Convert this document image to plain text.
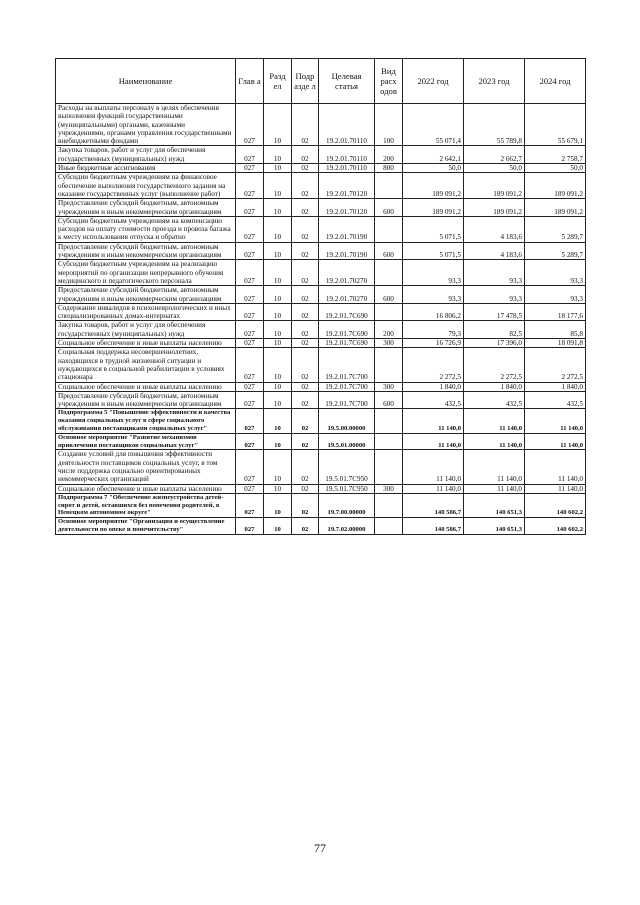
Наименование	Глав а	Разд ел	Подр азде л	Целевая статья	Вид расх одов	2022 год	2023 год	2024 год
Расходы на выплаты персоналу в целях обеспечения выполнения функций государственными (муниципальными) органами, казенными учреждениями, органами управления государственными внебюджетными фондами	027	10	02	19.2.01.70110	100	55 071,4	55 789,8	55 679,1
Закупка товаров, работ и услуг для обеспечения государственных (муниципальных) нужд	027	10	02	19.2.01.70110	200	2 642,1	2 662,7	2 758,7
Иные бюджетные ассигнования	027	10	02	19.2.01.70110	800	50,0	50,0	50,0
Субсидии бюджетным учреждениям на финансовое обеспечение выполнения государственного задания на оказание государственных услуг (выполнение работ)	027	10	02	19.2.01.70120		189 091,2	189 091,2	189 091,2
Предоставление субсидий бюджетным, автономным учреждениям и иным некоммерческим организациям	027	10	02	19.2.01.70120	600	189 091,2	189 091,2	189 091,2
Субсидии бюджетным учреждениям на компенсацию расходов на оплату стоимости проезда и провоза багажа к месту использования отпуска и обратно	027	10	02	19.2.01.70190		5 071,5	4 183,6	5 289,7
Предоставление субсидий бюджетным, автономным учреждениям и иным некоммерческим организациям	027	10	02	19.2.01.70190	600	5 071,5	4 183,6	5 289,7
Субсидии бюджетным учреждениям на реализацию мероприятий по организации непрерывного обучения медицинского и педагогического персонала	027	10	02	19.2.01.70270		93,3	93,3	93,3
Предоставление субсидий бюджетным, автономным учреждениям и иным некоммерческим организациям	027	10	02	19.2.01.70270	600	93,3	93,3	93,3
Содержание инвалидов в психоневрологических и иных специализированных домах-интернатах	027	10	02	19.2.01.7С690		16 806,2	17 478,5	18 177,6
Закупка товаров, работ и услуг для обеспечения государственных (муниципальных) нужд	027	10	02	19.2.01.7С690	200	79,3	82,5	85,8
Социальное обеспечение и иные выплаты населению	027	10	02	19.2.01.7С690	300	16 726,9	17 396,0	18 091,8
Социальная поддержка несовершеннолетних, находящихся в трудной жизненной ситуации и нуждающихся в социальной реабилитации в условиях стационара	027	10	02	19.2.01.7С700		2 272,5	2 272,5	2 272,5
Социальное обеспечение и иные выплаты населению	027	10	02	19.2.01.7С700	300	1 840,0	1 840,0	1 840,0
Предоставление субсидий бюджетным, автономным учреждениям и иным некоммерческим организациям	027	10	02	19.2.01.7С700	600	432,5	432,5	432,5
Подпрограмма 5 "Повышение эффективности и качества оказания социальных услуг в сфере социального обслуживания поставщиками социальных услуг"	027	10	02	19.5.00.00000		11 140,0	11 140,0	11 140,0
Основное мероприятие "Развитие механизмов привлечения поставщиков социальных услуг"	027	10	02	19.5.01.00000		11 140,0	11 140,0	11 140,0
Создание условий для повышения эффективности деятельности поставщиков социальных услуг, в том числе поддержка социально ориентированных некоммерческих организаций	027	10	02	19.5.01.7С950		11 140,0	11 140,0	11 140,0
Социальное обеспечение и иные выплаты населению	027	10	02	19.5.01.7С950	300	11 140,0	11 140,0	11 140,0
Подпрограмма 7 "Обеспечение жизнеустройства детей-сирот и детей, оставшихся без попечения родителей, в Ненецком автономном округе"	027	10	02	19.7.00.00000		140 586,7	140 651,3	140 602,2
Основное мероприятие "Организация и осуществление деятельности по опеке и попечительству"	027	10	02	19.7.02.00000		140 586,7	140 651,3	140 602,2
77
